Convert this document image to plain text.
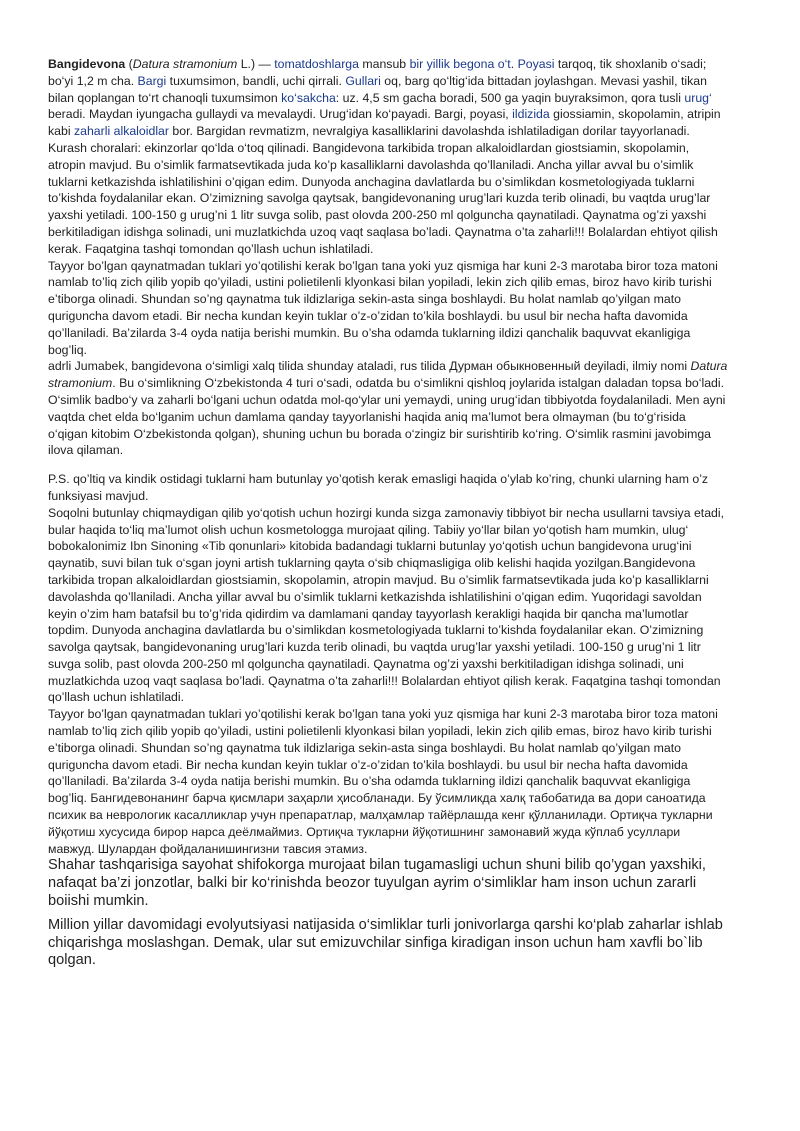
Bangidevona (Datura stramonium L.) — tomatdoshlarga mansub bir yillik begona o‘t. Poyasi tarqoq, tik shoxlanib o‘sadi; bo‘yi 1,2 m cha. Bargi tuxumsimon, bandli, uchi qirrali. Gullari oq, barg qo‘ltig‘ida bittadan joylashgan. Mevasi yashil, tikan bilan qoplangan to‘rt chanoqli tuxumsimon ko‘sakcha: uz. 4,5 sm gacha boradi, 500 ga yaqin buyraksimon, qora tusli urug‘ beradi. Maydan iyungacha gullaydi va mevalaydi. Urug‘idan ko‘payadi. Bargi, poyasi, ildizida giossiamin, skopolamin, atripin kabi zaharli alkaloidlar bor. Bargidan revmatizm, nevralgiya kasalliklarini davolashda ishlatiladigan dorilar tayyorlanadi. Kurash choralari: ekinzorlar qo‘lda o‘toq qilinadi. Bangidevona tarkibida tropan alkaloidlardan giostsiamin, skopolamin, atropin mavjud. Bu o’simlik farmatsevtikada juda ko’p kasalliklarni davolashda qo’llaniladi. Ancha yillar avval bu o’simlik tuklarni ketkazishda ishlatilishini o’qigan edim. Dunyoda anchagina davlatlarda bu o’simlikdan kosmetologiyada tuklarni to’kishda foydalanilar ekan. O’zimizning savolga qaytsak, bangidevonaning urug’lari kuzda terib olinadi, bu vaqtda urug’lar yaxshi yetiladi. 100-150 g urug’ni 1 litr suvga solib, past olovda 200-250 ml qolguncha qaynatiladi. Qaynatma og’zi yaxshi berkitiladigan idishga solinadi, uni muzlatkichda uzoq vaqt saqlasa bo’ladi. Qaynatma o’ta zaharli!!! Bolalardan ehtiyot qilish kerak. Faqatgina tashqi tomondan qo’llash uchun ishlatiladi.

Tayyor bo’lgan qaynatmadan tuklari yo’qotilishi kerak bo’lgan tana yoki yuz qismiga har kuni 2-3 marotaba biror toza matoni namlab to’liq zich qilib yopib qo’yiladi, ustini polietilenli klyonkasi bilan yopiladi, lekin zich qilib emas, biroz havo kirib turishi e’tiborga olinadi. Shundan so’ng qaynatma tuk ildizlariga sekin-asta singa boshlaydi. Bu holat namlab qo’yilgan mato qurigᴜncha davom etadi. Bir necha kundan keyin tuklar o’z-o’zidan to’kila boshlaydi. bu usul bir necha hafta davomida qo’llaniladi. Ba’zilarda 3-4 oyda natija berishi mumkin. Bu o’sha odamda tuklarning ildizi qanchalik baquvvat ekanligiga bog’liq.

adrli Jumabek, bangidevona o‘simligi xalq tilida shunday ataladi, rus tilida Дурман обыкновенный deyiladi, ilmiy nomi Datura stramonium. Bu o‘simlikning O‘zbekistonda 4 turi o‘sadi, odatda bu o‘simlikni qishloq joylarida istalgan daladan topsa bo‘ladi. O‘simlik badbo‘y va zaharli bo‘lgani uchun odatda mol-qo‘ylar uni yemaydi, uning urug‘idan tibbiyotda foydalaniladi. Men ayni vaqtda chet elda bo‘lganim uchun damlama qanday tayyorlanishi haqida aniq ma’lumot bera olmayman (bu to‘g‘risida o‘qigan kitobim O‘zbekistonda qolgan), shuning uchun bu borada o‘zingiz bir surishtirib ko‘ring. O‘simlik rasmini javobimga ilova qilaman.

P.S. qo’ltiq va kindik ostidagi tuklarni ham butunlay yo’qotish kerak emasligi haqida o’ylab ko’ring, chunki ularning ham o’z funksiyasi mavjud.

Soqolni butunlay chiqmaydigan qilib yo‘qotish uchun hozirgi kunda sizga zamonaviy tibbiyot bir necha usullarni tavsiya etadi, bular haqida to‘liq ma’lumot olish uchun kosmetologga murojaat qiling. Tabiiy yo‘llar bilan yo‘qotish ham mumkin, ulug‘ bobokalonimiz Ibn Sinoning «Tib qonunlari» kitobida badandagi tuklarni butunlay yo‘qotish uchun bangidevona urug‘ini qaynatib, suvi bilan tuk o‘sgan joyni artish tuklarning qayta o‘sib chiqmasligiga olib kelishi haqida yozilgan.Bangidevona tarkibida tropan alkaloidlardan giostsiamin, skopolamin, atropin mavjud. Bu o’simlik farmatsevtikada juda ko’p kasalliklarni davolashda qo’llaniladi. Ancha yillar avval bu o’simlik tuklarni ketkazishda ishlatilishini o’qigan edim. Yuqoridagi savoldan keyin o’zim ham batafsil bu to’g’rida qidirdim va damlamani qanday tayyorlash kerakligi haqida bir qancha ma’lumotlar topdim. Dunyoda anchagina davlatlarda bu o’simlikdan kosmetologiyada tuklarni to’kishda foydalanilar ekan. O’zimizning savolga qaytsak, bangidevonaning urug’lari kuzda terib olinadi, bu vaqtda urug’lar yaxshi yetiladi. 100-150 g urug’ni 1 litr suvga solib, past olovda 200-250 ml qolguncha qaynatiladi. Qaynatma og’zi yaxshi berkitiladigan idishga solinadi, uni muzlatkichda uzoq vaqt saqlasa bo’ladi. Qaynatma o’ta zaharli!!! Bolalardan ehtiyot qilish kerak. Faqatgina tashqi tomondan qo’llash uchun ishlatiladi.

Tayyor bo’lgan qaynatmadan tuklari yo’qotilishi kerak bo’lgan tana yoki yuz qismiga har kuni 2-3 marotaba biror toza matoni namlab to’liq zich qilib yopib qo’yiladi, ustini polietilenli klyonkasi bilan yopiladi, lekin zich qilib emas, biroz havo kirib turishi e’tiborga olinadi. Shundan so’ng qaynatma tuk ildizlariga sekin-asta singa boshlaydi. Bu holat namlab qo’yilgan mato qurigᴜncha davom etadi. Bir necha kundan keyin tuklar o’z-o’zidan to’kila boshlaydi. bu usul bir necha hafta davomida qo’llaniladi. Ba’zilarda 3-4 oyda natija berishi mumkin. Bu o’sha odamda tuklarning ildizi qanchalik baquvvat ekanligiga bog’liq. Бангидевонанинг барча қисмлари заҳарли ҳисобланади. Бу ўсимликда халқ табобатида ва дори саноатида психик ва неврологик касалликлар учун препаратлар, малҳамлар тайёрлашда кенг қўлланилади. Ортиқча тукларни йўқотиш хусусида бирор нарса деёлмаймиз. Ортиқча тукларни йўқотишнинг замонавий жуда кўплаб усуллари мавжуд. Шулардан фойдаланишингизни тавсия этамиз.

Shahar tashqarisiga sayohat shifokorga murojaat bilan tugamasligi uchun shuni bilib qo’ygan yaxshiki, nafaqat ba’zi jonzotlar, balki bir ko‘rinishda beozor tuyulgan ayrim o‘simliklar ham inson uchun zararli boiishi mumkin.

Million yillar davomidagi evolyutsiyasi natijasida o‘simliklar turli jonivorlarga qarshi ko‘plab zaharlar ishlab chiqarishga moslashgan. Demak, ular sut emizuvchilar sinfiga kiradigan inson uchun ham xavfli bo`lib qolgan.
